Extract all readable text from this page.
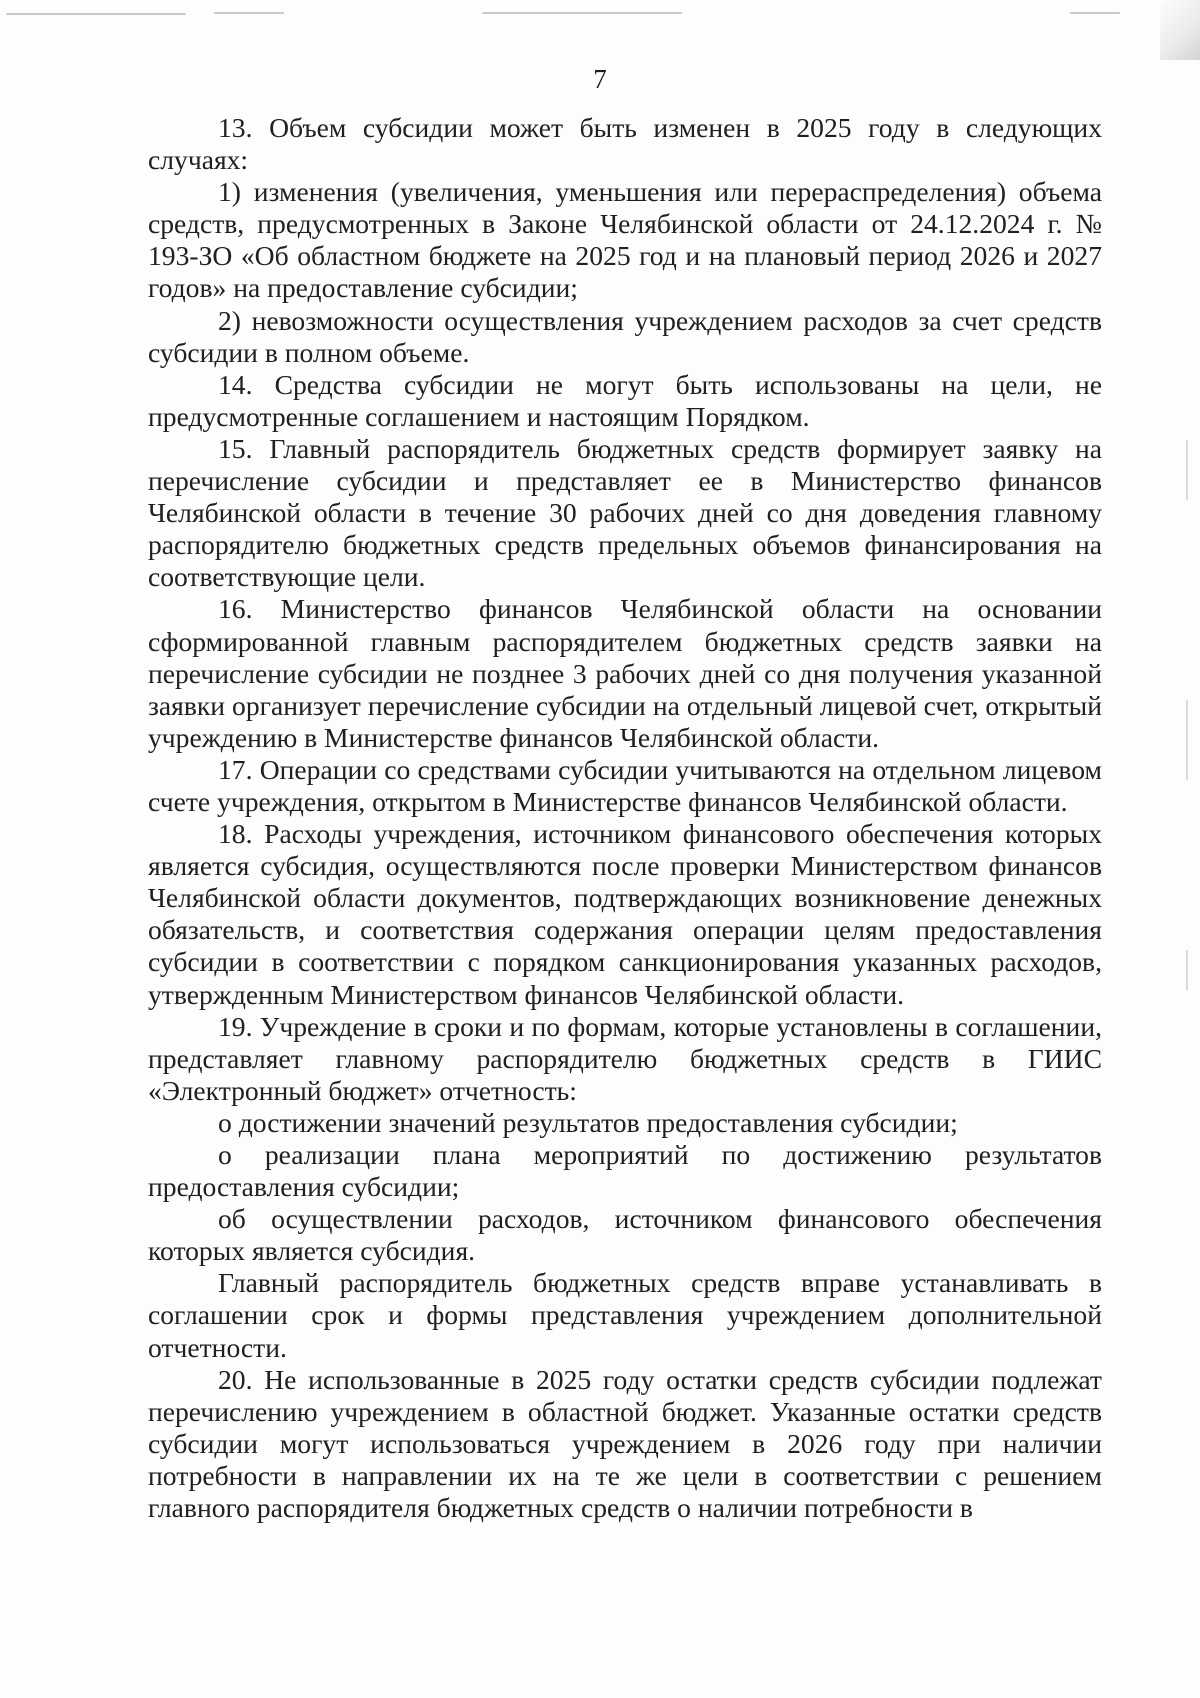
7

13. Объем субсидии может быть изменен в 2025 году в следующих случаях:

1) изменения (увеличения, уменьшения или перераспределения) объема средств, предусмотренных в Законе Челябинской области от 24.12.2024 г. № 193-ЗО «Об областном бюджете на 2025 год и на плановый период 2026 и 2027 годов» на предоставление субсидии;

2) невозможности осуществления учреждением расходов за счет средств субсидии в полном объеме.

14. Средства субсидии не могут быть использованы на цели, не предусмотренные соглашением и настоящим Порядком.

15. Главный распорядитель бюджетных средств формирует заявку на перечисление субсидии и представляет ее в Министерство финансов Челябинской области в течение 30 рабочих дней со дня доведения главному распорядителю бюджетных средств предельных объемов финансирования на соответствующие цели.

16. Министерство финансов Челябинской области на основании сформированной главным распорядителем бюджетных средств заявки на перечисление субсидии не позднее 3 рабочих дней со дня получения указанной заявки организует перечисление субсидии на отдельный лицевой счет, открытый учреждению в Министерстве финансов Челябинской области.

17. Операции со средствами субсидии учитываются на отдельном лицевом счете учреждения, открытом в Министерстве финансов Челябинской области.

18. Расходы учреждения, источником финансового обеспечения которых является субсидия, осуществляются после проверки Министерством финансов Челябинской области документов, подтверждающих возникновение денежных обязательств, и соответствия содержания операции целям предоставления субсидии в соответствии с порядком санкционирования указанных расходов, утвержденным Министерством финансов Челябинской области.

19. Учреждение в сроки и по формам, которые установлены в соглашении, представляет главному распорядителю бюджетных средств в ГИИС «Электронный бюджет» отчетность:

о достижении значений результатов предоставления субсидии;

о реализации плана мероприятий по достижению результатов предоставления субсидии;

об осуществлении расходов, источником финансового обеспечения которых является субсидия.

Главный распорядитель бюджетных средств вправе устанавливать в соглашении срок и формы представления учреждением дополнительной отчетности.

20. Не использованные в 2025 году остатки средств субсидии подлежат перечислению учреждением в областной бюджет. Указанные остатки средств субсидии могут использоваться учреждением в 2026 году при наличии потребности в направлении их на те же цели в соответствии с решением главного распорядителя бюджетных средств о наличии потребности в
